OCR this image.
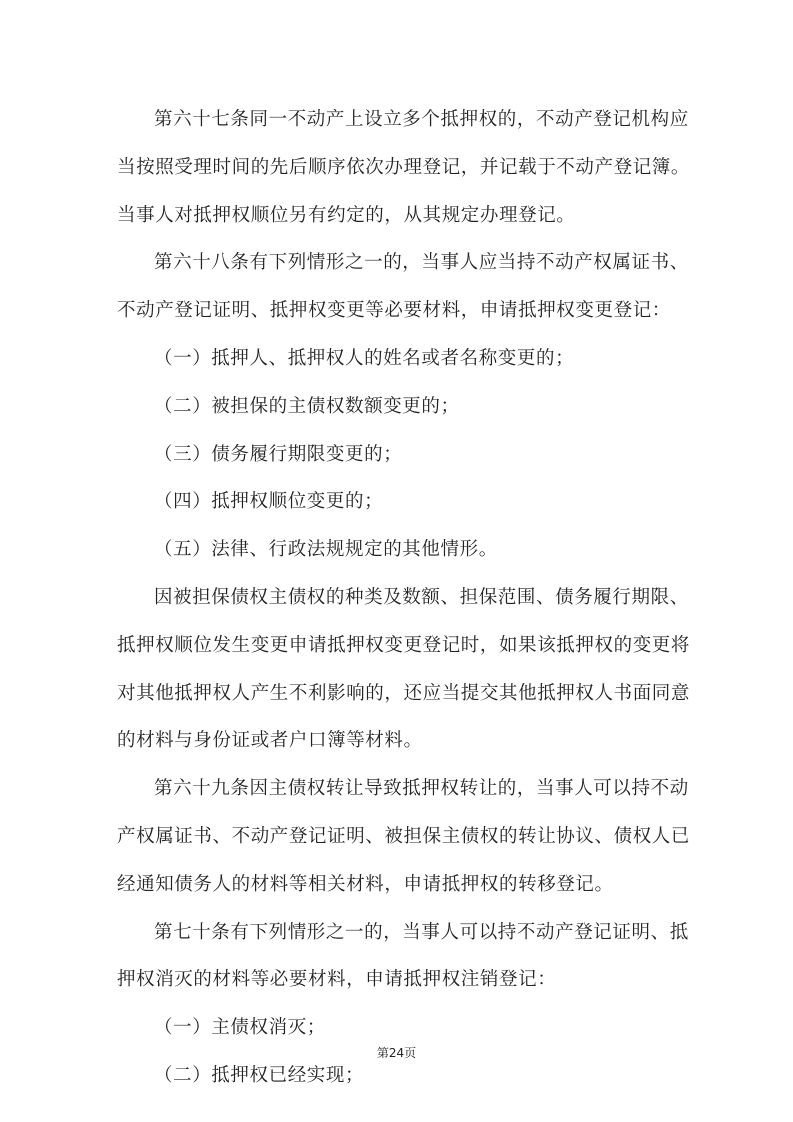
第六十七条同一不动产上设立多个抵押权的，不动产登记机构应当按照受理时间的先后顺序依次办理登记，并记载于不动产登记簿。当事人对抵押权顺位另有约定的，从其规定办理登记。

第六十八条有下列情形之一的，当事人应当持不动产权属证书、不动产登记证明、抵押权变更等必要材料，申请抵押权变更登记：

（一）抵押人、抵押权人的姓名或者名称变更的；

（二）被担保的主债权数额变更的；

（三）债务履行期限变更的；

（四）抵押权顺位变更的；

（五）法律、行政法规规定的其他情形。

因被担保债权主债权的种类及数额、担保范围、债务履行期限、抵押权顺位发生变更申请抵押权变更登记时，如果该抵押权的变更将对其他抵押权人产生不利影响的，还应当提交其他抵押权人书面同意的材料与身份证或者户口簿等材料。

第六十九条因主债权转让导致抵押权转让的，当事人可以持不动产权属证书、不动产登记证明、被担保主债权的转让协议、债权人已经通知债务人的材料等相关材料，申请抵押权的转移登记。

第七十条有下列情形之一的，当事人可以持不动产登记证明、抵押权消灭的材料等必要材料，申请抵押权注销登记：

（一）主债权消灭；

（二）抵押权已经实现；

第24页
